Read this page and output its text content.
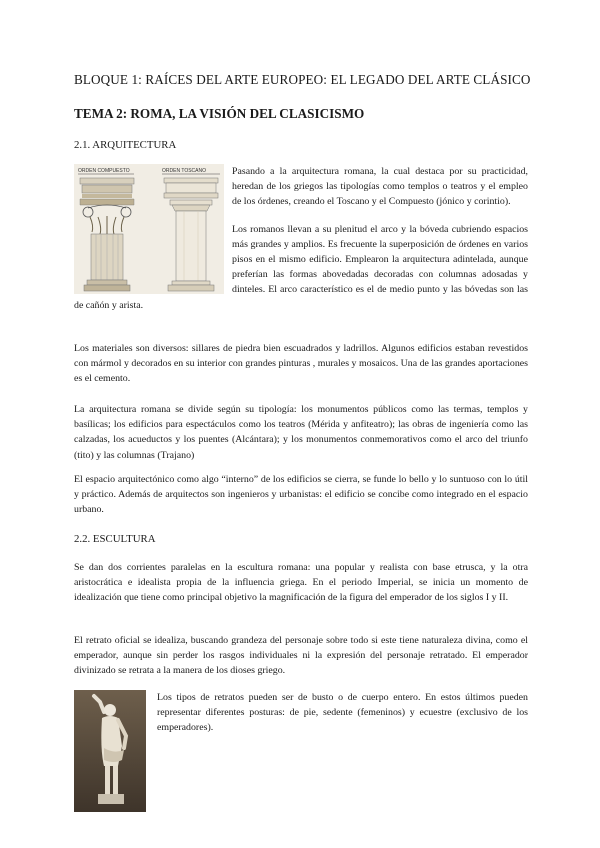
BLOQUE 1: RAÍCES DEL ARTE EUROPEO: EL LEGADO DEL ARTE CLÁSICO
TEMA 2: ROMA, LA VISIÓN DEL CLASICISMO
2.1. ARQUITECTURA
ORDEN COMPUESTO	ORDEN TOSCANO	Pasando a la arquitectura romana, la cual destaca por su practicidad, heredan de los griegos las tipologías como templos o teatros y el empleo de los órdenes, creando el Toscano y el Compuesto (jónico y corintio).

Los romanos llevan a su plenitud el arco y la bóveda cubriendo espacios más grandes y amplios. Es frecuente la superposición de órdenes en varios pisos en el mismo edificio. Emplearon la arquitectura adintelada, aunque preferían las formas abovedadas decoradas con columnas adosadas y dinteles. El arco característico es el de medio punto y las bóvedas son las de cañón y arista.

Los materiales son diversos: sillares de piedra bien escuadrados y ladrillos. Algunos edificios estaban revestidos con mármol y decorados en su interior con grandes pinturas , murales y mosaicos. Una de las grandes aportaciones es el cemento.

La arquitectura romana se divide según su tipología: los monumentos públicos como las termas, templos y basílicas; los edificios para espectáculos como los teatros (Mérida y anfiteatro); las obras de ingeniería como las calzadas, los acueductos y los puentes (Alcántara); y los monumentos conmemorativos como el arco del triunfo (tito) y las columnas (Trajano)

El espacio arquitectónico como algo “interno” de los edificios se cierra, se funde lo bello y lo suntuoso con lo útil y práctico. Además de arquitectos son ingenieros y urbanistas: el edificio se concibe como integrado en el espacio urbano.

2.2. ESCULTURA

Se dan dos corrientes paralelas en la escultura romana: una popular y realista con base etrusca, y la otra aristocrática e idealista propia de la influencia griega. En el periodo Imperial, se inicia un momento de idealización que tiene como principal objetivo la magnificación de la figura del emperador de los siglos I y II.

El retrato oficial se idealiza, buscando grandeza del personaje sobre todo si este tiene naturaleza divina, como el emperador, aunque sin perder los rasgos individuales ni la expresión del personaje retratado. El emperador divinizado se retrata a la manera de los dioses griego.

Los tipos de retratos pueden ser de busto o de cuerpo entero. En estos últimos pueden representar diferentes posturas: de pie, sedente (femeninos) y ecuestre (exclusivo de los emperadores).
